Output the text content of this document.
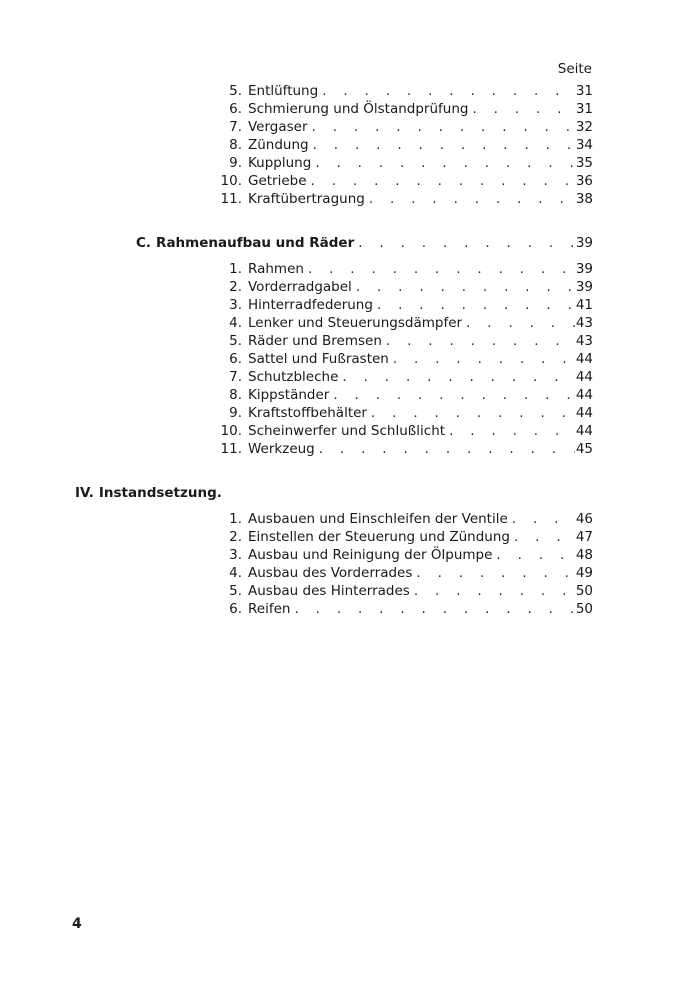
Seite
5. Entlüftung . . .	31
6. Schmierung und Ölstandprüfung . . .	31
7. Vergaser . . .	32
8. Zündung . . .	34
9. Kupplung . . .	35
10. Getriebe . . .	36
11. Kraftübertragung . . .	38
C. Rahmenaufbau und Räder . . .	39
1. Rahmen . . .	39
2. Vorderradgabel . . .	39
3. Hinterradfederung . . .	41
4. Lenker und Steuerungsdämpfer . . .	43
5. Räder und Bremsen . . .	43
6. Sattel und Fußrasten . . .	44
7. Schutzbleche . . .	44
8. Kippständer . . .	44
9. Kraftstoffbehälter . . .	44
10. Scheinwerfer und Schlußlicht . . .	44
11. Werkzeug . . .	45
IV. Instandsetzung.
1. Ausbauen und Einschleifen der Ventile . . .	46
2. Einstellen der Steuerung und Zündung . . .	47
3. Ausbau und Reinigung der Ölpumpe . . .	48
4. Ausbau des Vorderrades . . .	49
5. Ausbau des Hinterrades . . .	50
6. Reifen . . .	50
4
